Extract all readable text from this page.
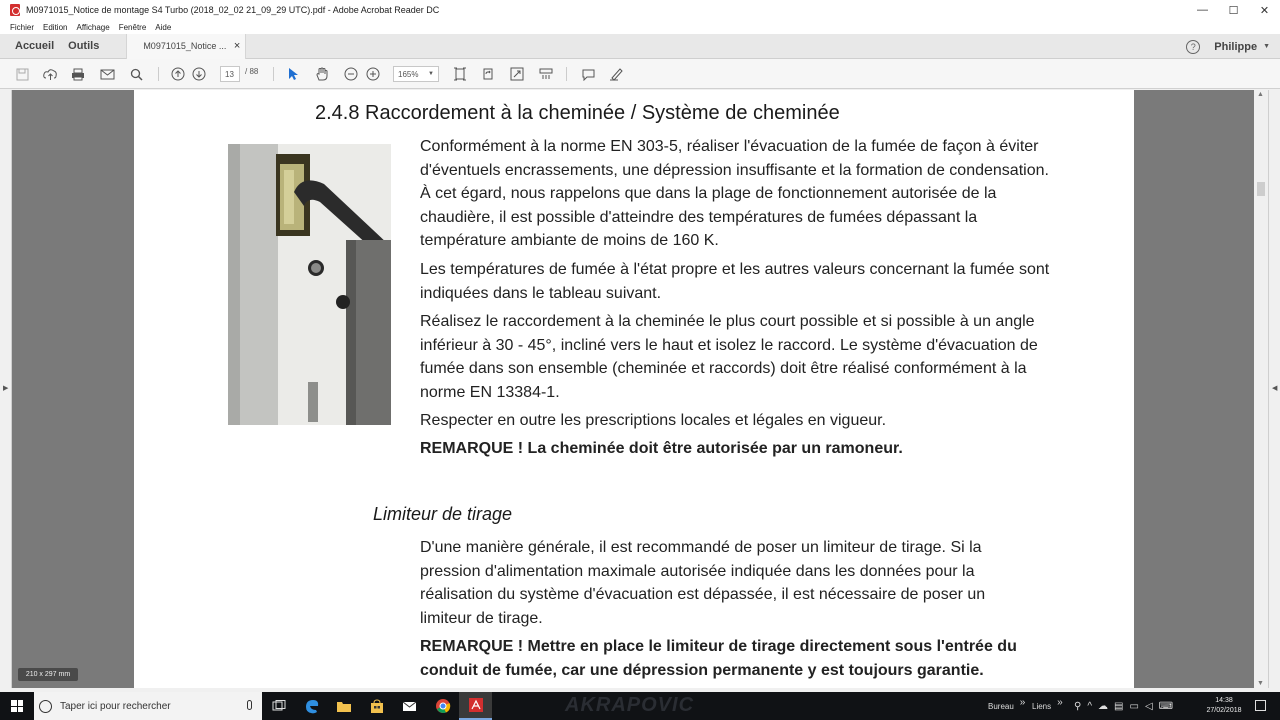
M0971015_Notice de montage S4 Turbo (2018_02_02 21_09_29 UTC).pdf - Adobe Acrobat Reader DC	—	☐	✕
Fichier Edition Affichage Fenêtre Aide
Accueil	Outils	M0971015_Notice ... ×	?	Philippe ▼
13	/ 88	165% ▼
▶
2.4.8 Raccordement à la cheminée / Système de cheminée

Conformément à la norme EN 303-5, réaliser l'évacuation de la fumée de façon à éviter d'éventuels encrassements, une dépression insuffisante et la formation de condensation. À cet égard, nous rappelons que dans la plage de fonctionnement autorisée de la chaudière, il est possible d'atteindre des températures de fumées dépassant la température ambiante de moins de 160 K.

Les températures de fumée à l'état propre et les autres valeurs concernant la fumée sont indiquées dans le tableau suivant.

Réalisez le raccordement à la cheminée le plus court possible et si possible à un angle inférieur à 30 - 45°, incliné vers le haut et isolez le raccord. Le système d'évacuation de fumée dans son ensemble (cheminée et raccords) doit être réalisé conformément à la norme EN 13384-1.

Respecter en outre les prescriptions locales et légales en vigueur.

REMARQUE ! La cheminée doit être autorisée par un ramoneur.

Limiteur de tirage

D'une manière générale, il est recommandé de poser un limiteur de tirage. Si la pression d'alimentation maximale autorisée indiquée dans les données pour la réalisation du système d'évacuation est dépassée, il est nécessaire de poser un limiteur de tirage.

REMARQUE ! Mettre en place le limiteur de tirage directement sous l'entrée du conduit de fumée, car une dépression permanente y est toujours garantie.

▲
▼
◀
210 x 297 mm
AKRAPOVIC
Taper ici pour rechercher	Bureau » Liens » ⚲ ^ ☁ ▤ ▭ ◁ ⌨	14:38
27/02/2018
